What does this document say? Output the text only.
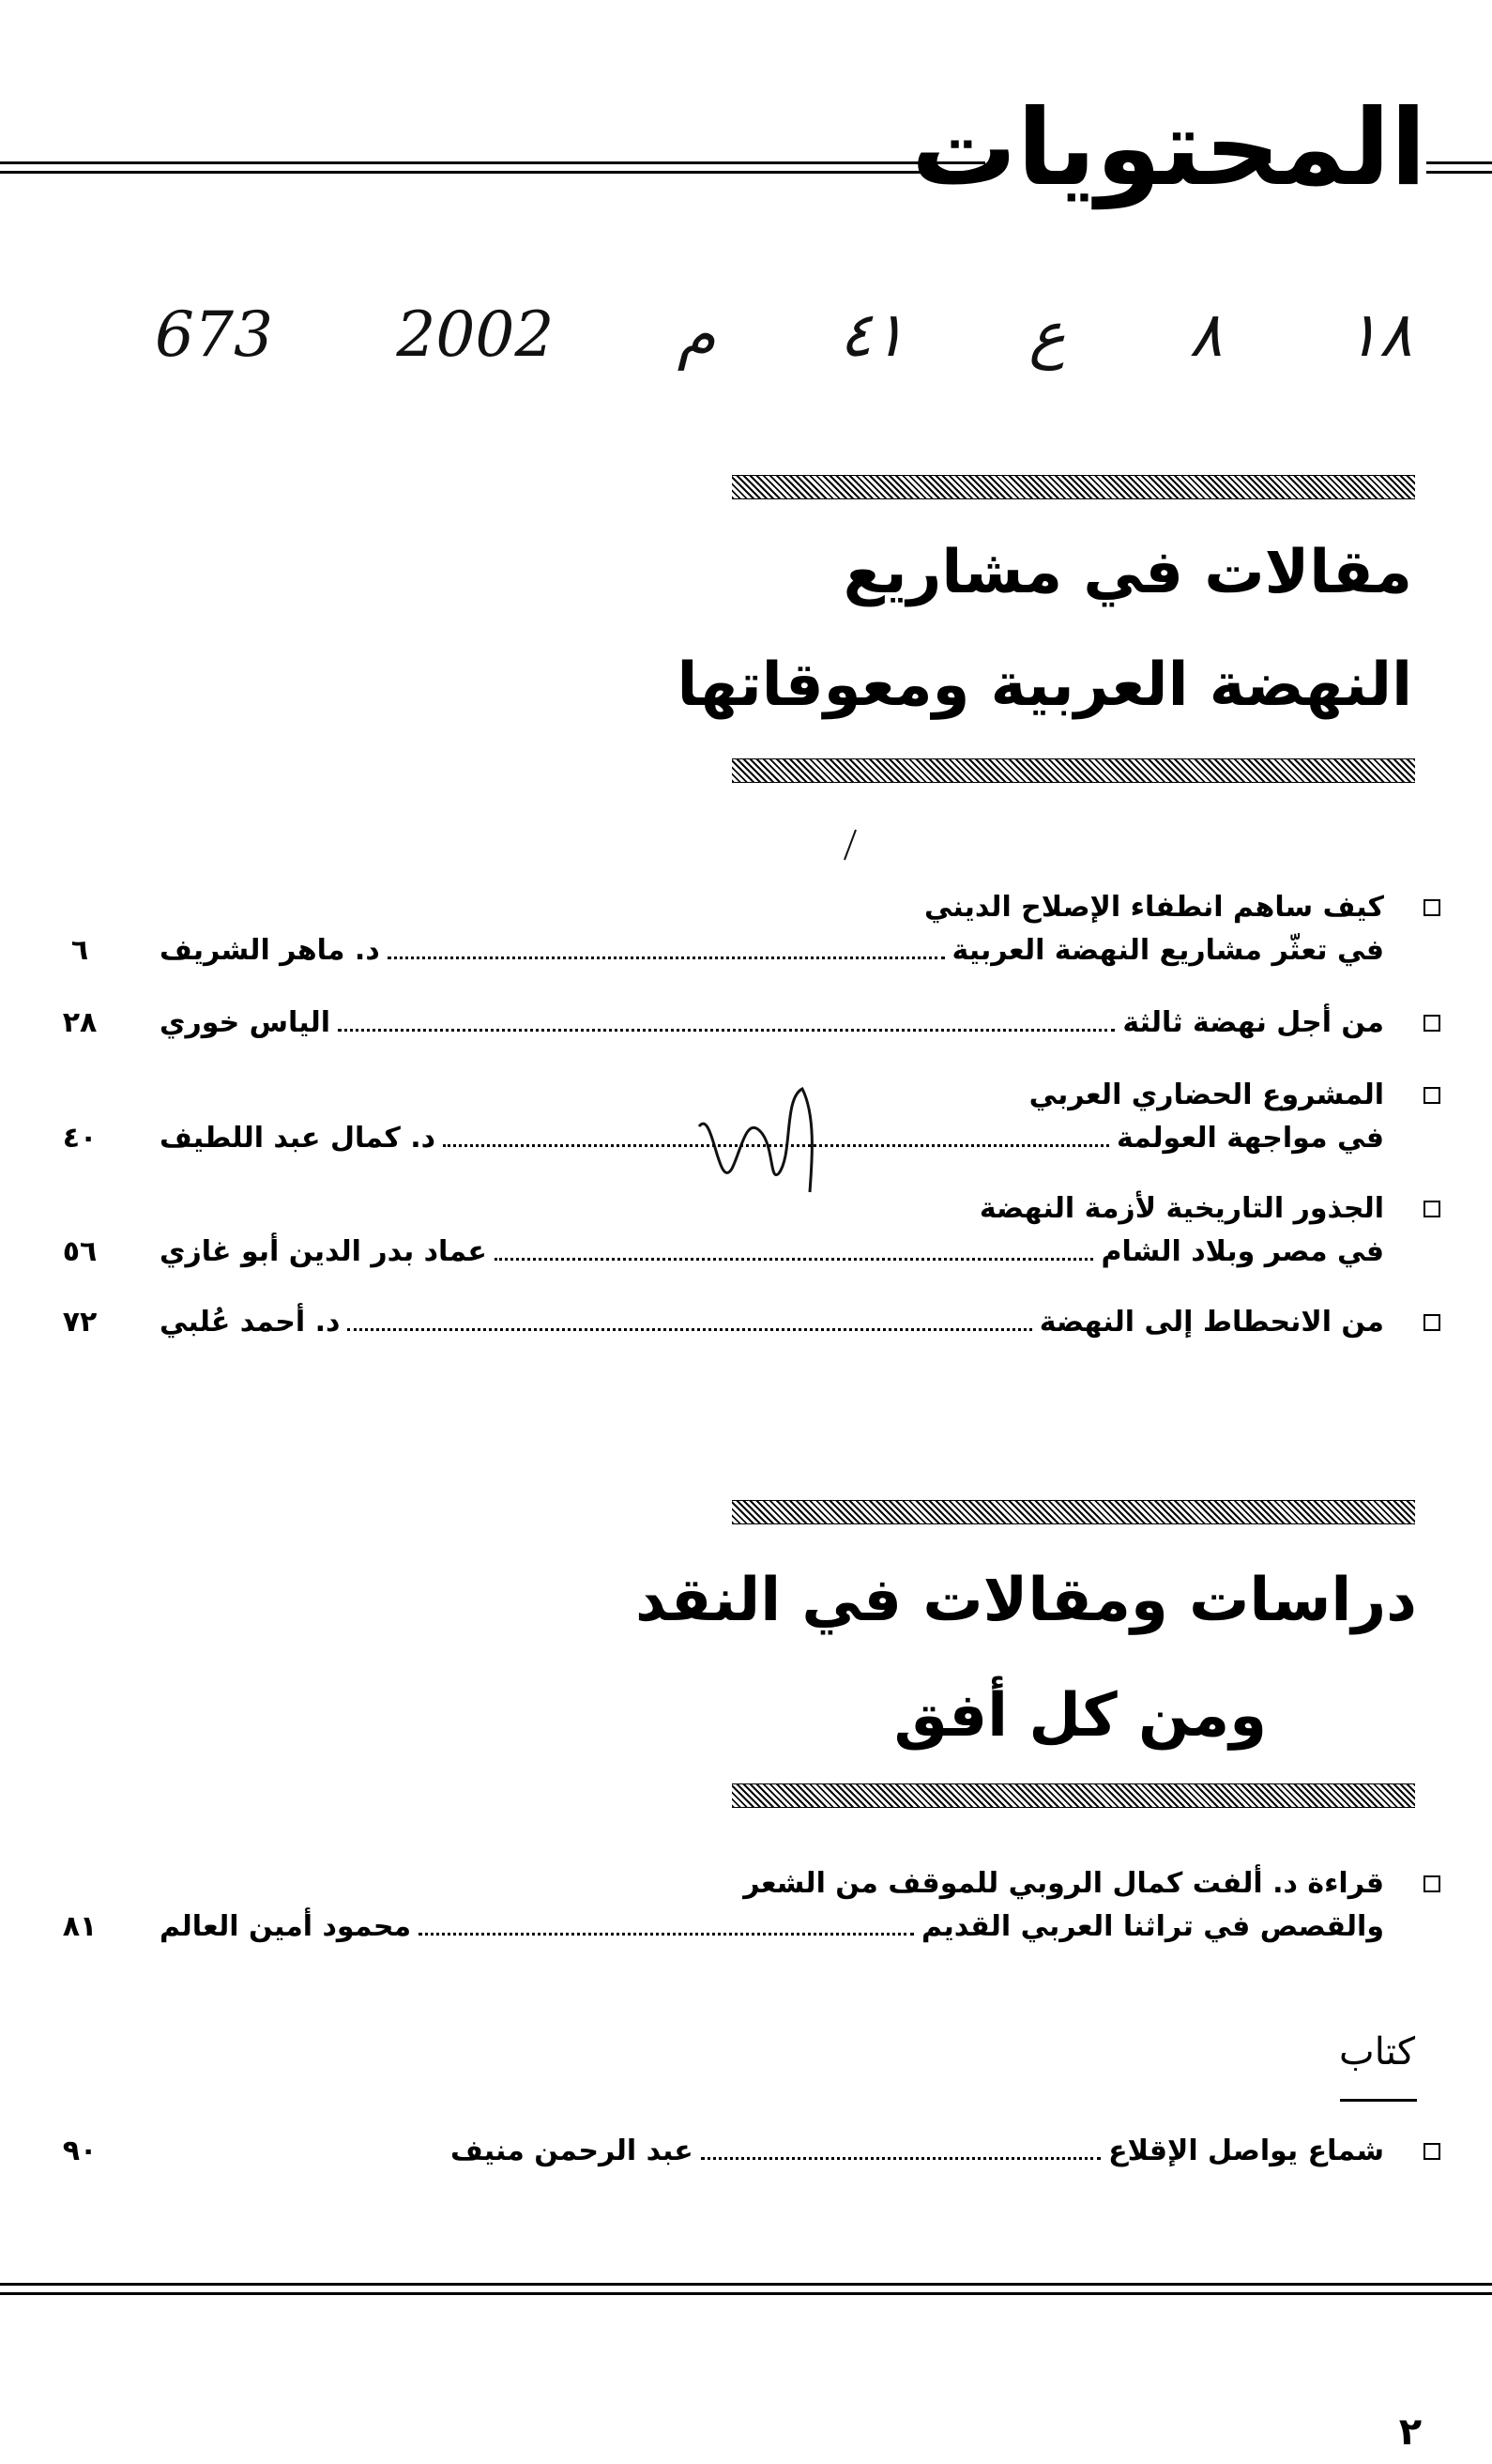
المحتويات
١٨ ٨ ع ٤١ م 2002 673
مقالات في مشاريع
النهضة العربية ومعوقاتها
كيف ساهم انطفاء الإصلاح الديني
في تعثّر مشاريع النهضة العربية
د. ماهر الشريف
٦
من أجل نهضة ثالثة
الياس خوري
٢٨
المشروع الحضاري العربي
في مواجهة العولمة
د. كمال عبد اللطيف
٤٠
الجذور التاريخية لأزمة النهضة
في مصر وبلاد الشام
عماد بدر الدين أبو غازي
٥٦
من الانحطاط إلى النهضة
د. أحمد عُلبي
٧٢
دراسات ومقالات في النقد
ومن كل أفق
قراءة د. ألفت كمال الروبي للموقف من الشعر
والقصص في تراثنا العربي القديم
محمود أمين العالم
٨١
كتاب
شماع يواصل الإقلاع
عبد الرحمن منيف
٩٠
٢
